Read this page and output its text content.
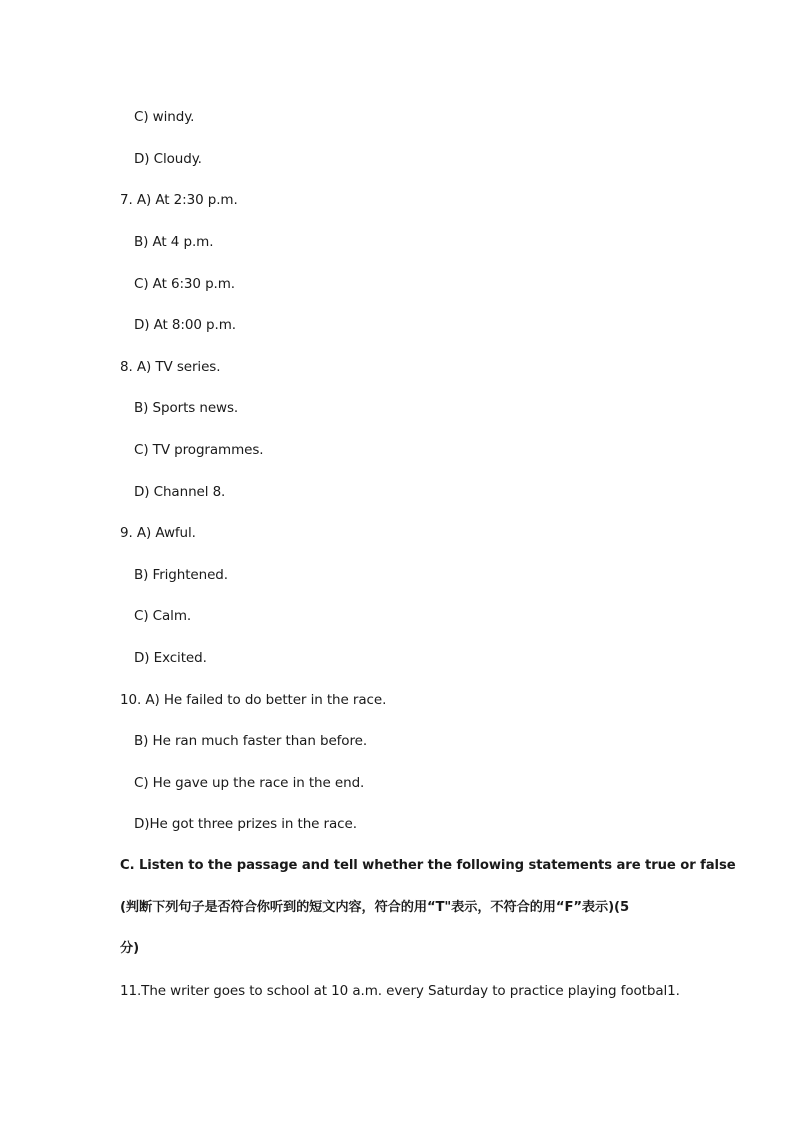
C) windy.
D) Cloudy.
7. A) At 2:30 p.m.
B) At 4 p.m.
C) At 6:30 p.m.
D) At 8:00 p.m.
8. A) TV series.
B) Sports news.
C) TV programmes.
D) Channel 8.
9. A) Awful.
B) Frightened.
C) Calm.
D) Excited.
10. A) He failed to do better in the race.
B) He ran much faster than before.
C) He gave up the race in the end.
D)He got three prizes in the race.
C. Listen to the passage and tell whether the following statements are true or false
(判断下列句子是否符合你听到的短文内容，符合的用“T"表示，不符合的用“F”表示)(5
分)
11.The writer goes to school at 10 a.m. every Saturday to practice playing footbal1.
